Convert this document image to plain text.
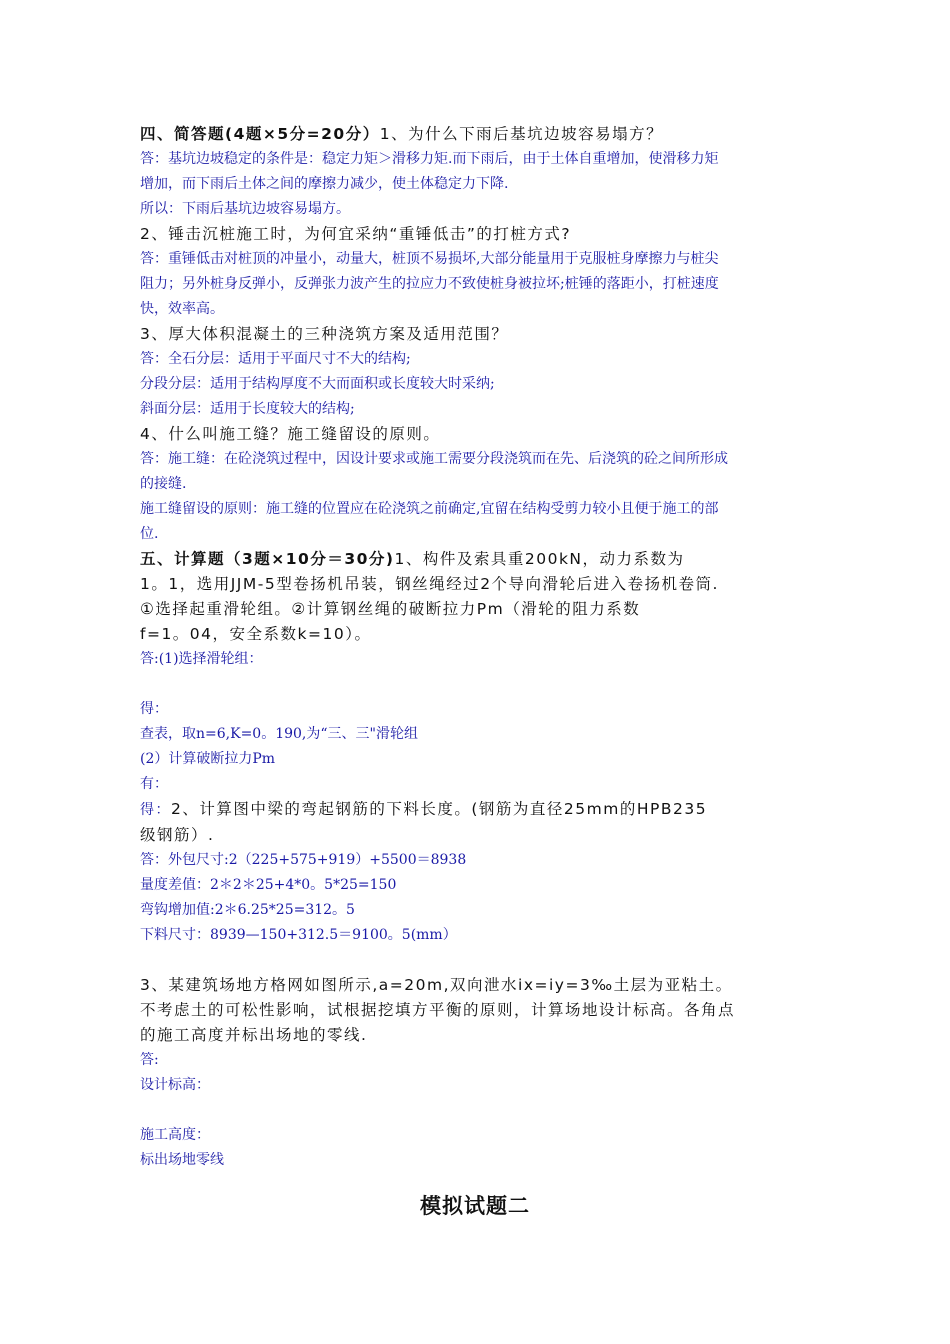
四、简答题(4题×5分=20分）1、为什么下雨后基坑边坡容易塌方？

答：基坑边坡稳定的条件是：稳定力矩＞滑移力矩.而下雨后，由于土体自重增加，使滑移力矩

增加，而下雨后土体之间的摩擦力减少，使土体稳定力下降.

所以：下雨后基坑边坡容易塌方。

2、锤击沉桩施工时，为何宜采纳“重锤低击”的打桩方式?

答：重锤低击对桩顶的冲量小，动量大，桩顶不易损坏,大部分能量用于克服桩身摩擦力与桩尖

阻力；另外桩身反弹小，反弹张力波产生的拉应力不致使桩身被拉坏;桩锤的落距小，打桩速度

快，效率高。

3、厚大体积混凝土的三种浇筑方案及适用范围？

答：全石分层：适用于平面尺寸不大的结构;

分段分层：适用于结构厚度不大而面积或长度较大时采纳;

斜面分层：适用于长度较大的结构;

4、什么叫施工缝？施工缝留设的原则。

答：施工缝：在砼浇筑过程中，因设计要求或施工需要分段浇筑而在先、后浇筑的砼之间所形成

的接缝.

施工缝留设的原则：施工缝的位置应在砼浇筑之前确定,宜留在结构受剪力较小且便于施工的部

位.

五、计算题（3题×10分＝30分)1、构件及索具重200kN，动力系数为

1。1，选用JJM-5型卷扬机吊装，钢丝绳经过2个导向滑轮后进入卷扬机卷筒.

①选择起重滑轮组。②计算钢丝绳的破断拉力Pm（滑轮的阻力系数

f=1。04，安全系数k=10）。

答:(1)选择滑轮组：

得：

查表，取n=6,K=0。190,为“三、三"滑轮组

(2）计算破断拉力Pm

有：

得：2、计算图中梁的弯起钢筋的下料长度。(钢筋为直径25mm的HPB235

级钢筋）.

答：外包尺寸:2（225+575+919）+5500＝8938

量度差值：2＊2＊25+4*0。5*25=150

弯钩增加值:2＊6.25*25=312。5

下料尺寸：8939—150+312.5＝9100。5(mm）

3、某建筑场地方格网如图所示,a=20m,双向泄水ix=iy=3‰土层为亚粘土。

不考虑土的可松性影响，试根据挖填方平衡的原则，计算场地设计标高。各角点

的施工高度并标出场地的零线.

答:

设计标高：

施工高度：

标出场地零线

模拟试题二
